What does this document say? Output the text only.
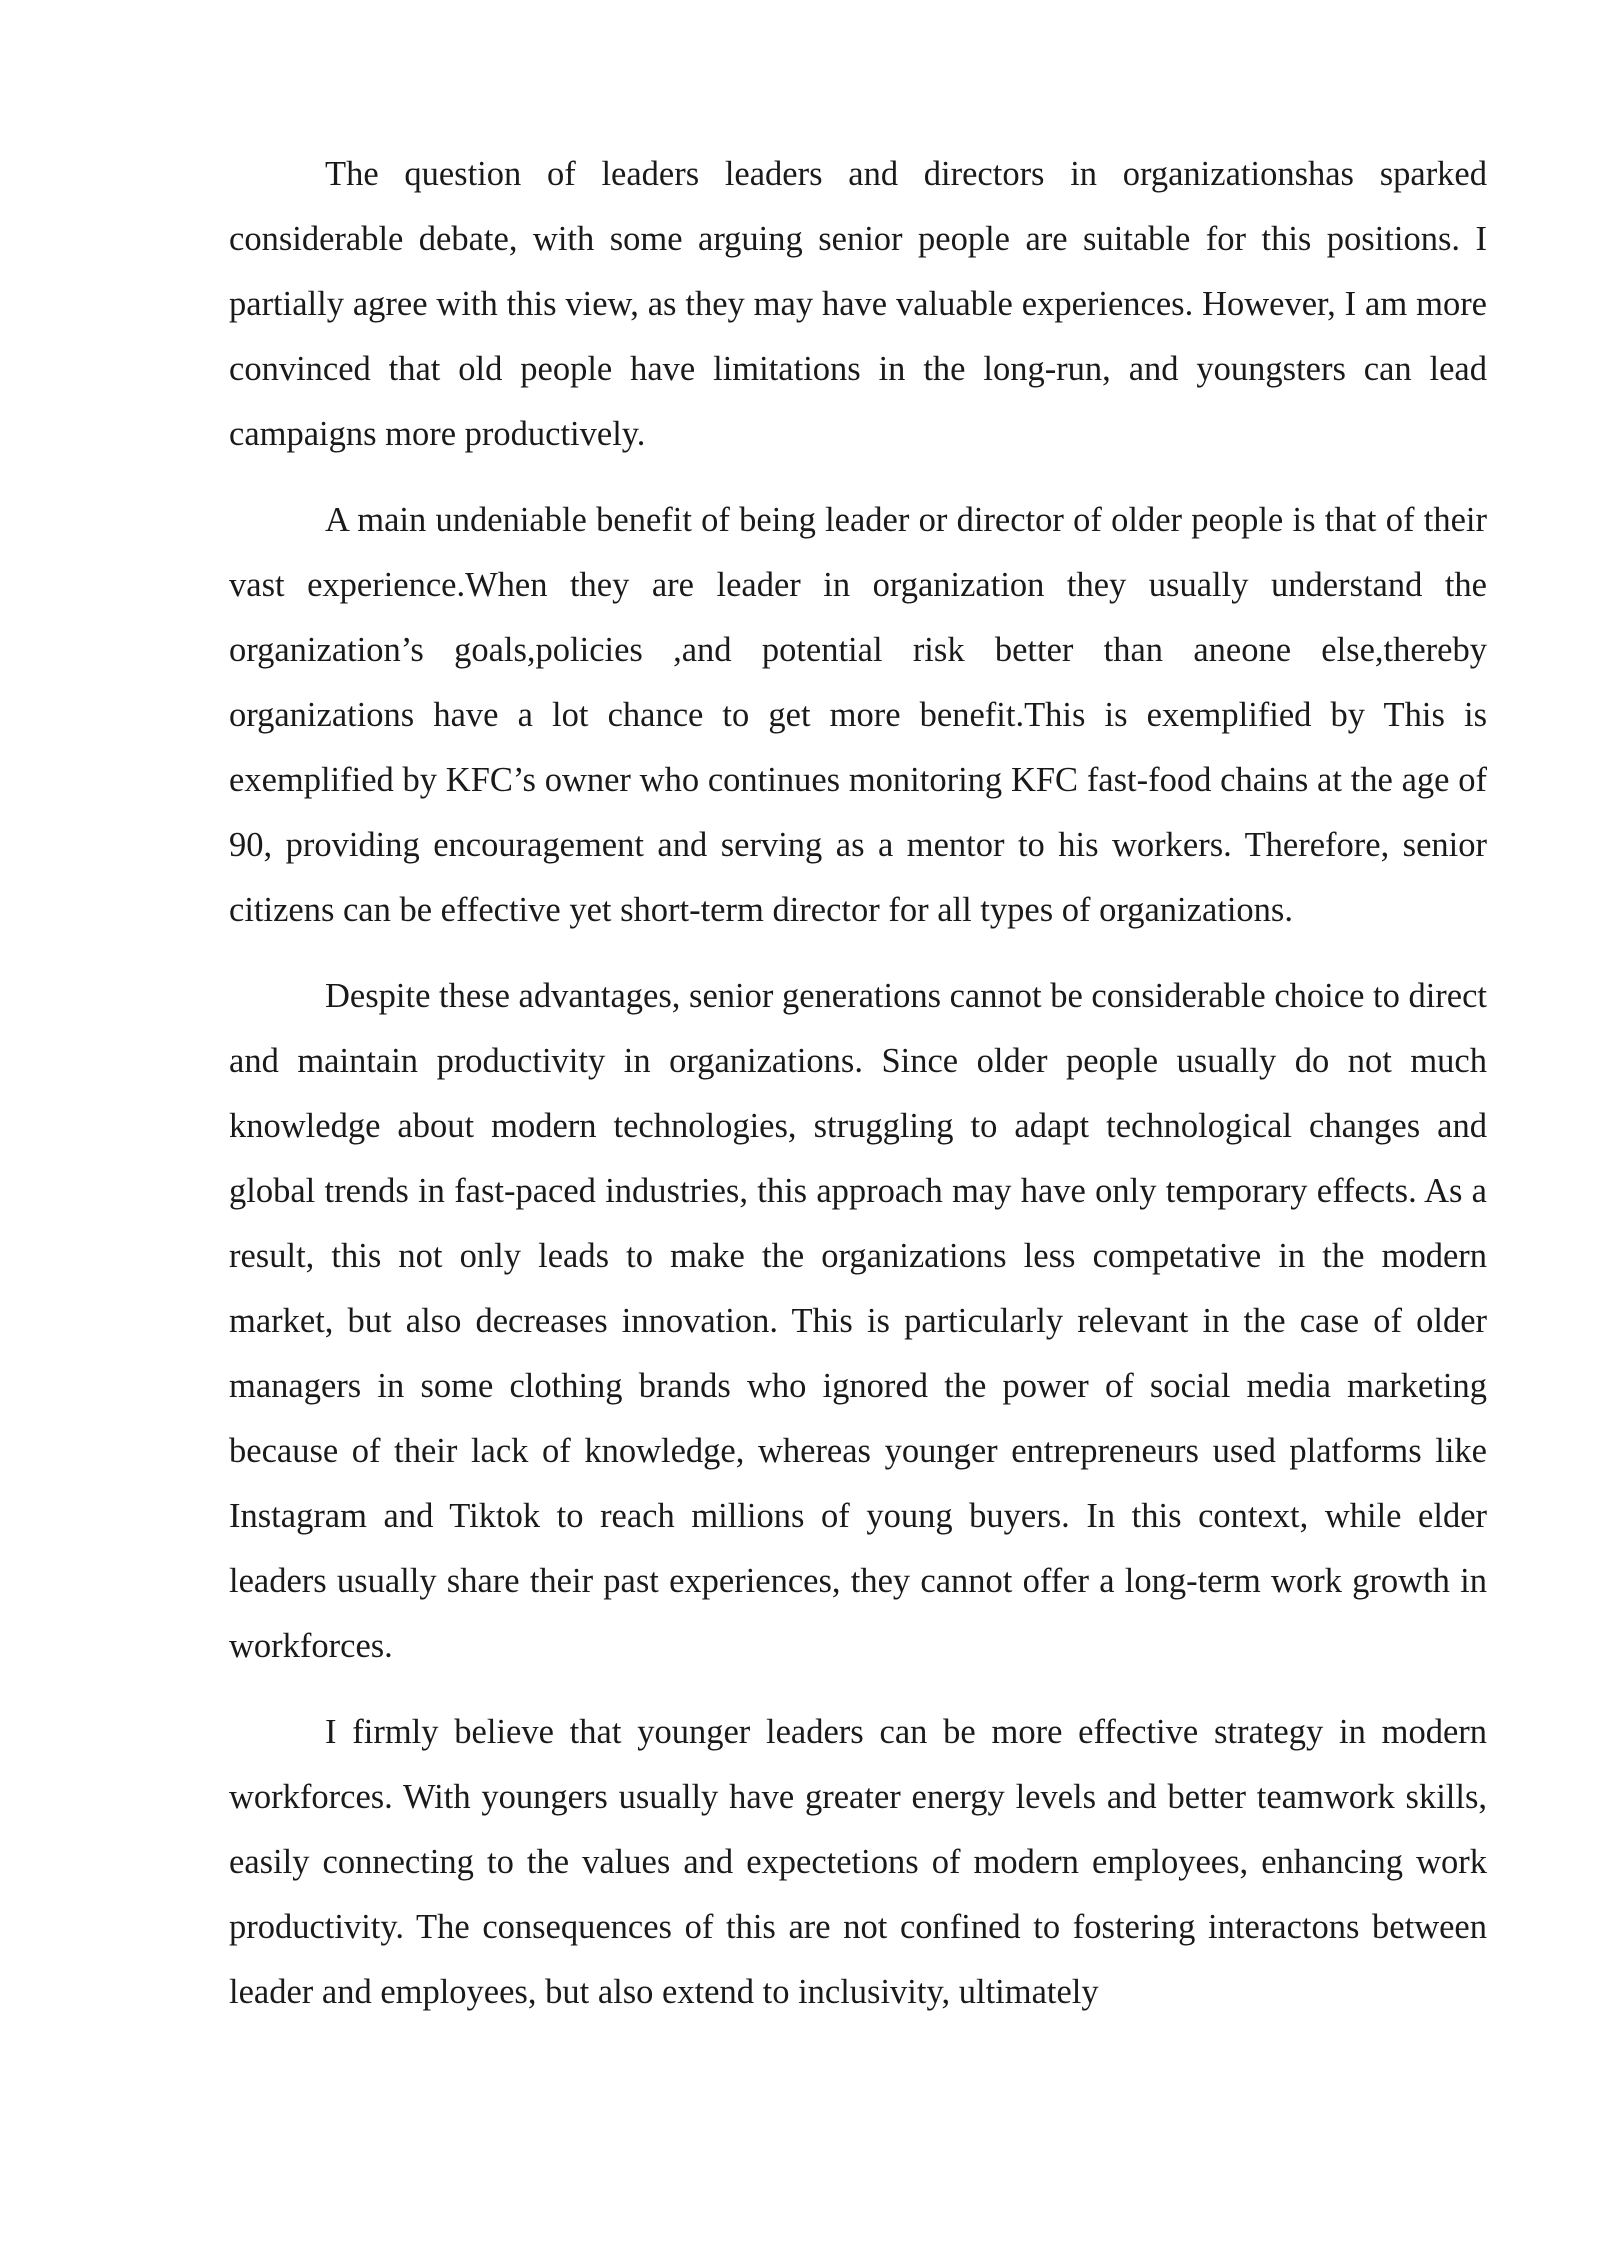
The question of leaders leaders and directors in organizationshas sparked considerable debate, with some arguing senior people are suitable for this positions. I partially agree with this view, as they may have valuable experiences. However, I am more convinced that old people have limitations in the long-run, and youngsters can lead campaigns more productively.

A main undeniable benefit of being leader or director of older people is that of their vast experience.When they are leader in organization they usually understand the organization’s goals,policies ,and potential risk better than aneone else,thereby organizations have a lot chance to get more benefit.This is exemplified by This is exemplified by KFC’s owner who continues monitoring KFC fast-food chains at the age of 90, providing encouragement and serving as a mentor to his workers. Therefore, senior citizens can be effective yet short-term director for all types of organizations.

Despite these advantages, senior generations cannot be considerable choice to direct and maintain productivity in organizations. Since older people usually do not much knowledge about modern technologies, struggling to adapt technological changes and global trends in fast-paced industries, this approach may have only temporary effects. As a result, this not only leads to make the organizations less competative in the modern market, but also decreases innovation. This is particularly relevant in the case of older managers in some clothing brands who ignored the power of social media marketing because of their lack of knowledge, whereas younger entrepreneurs used platforms like Instagram and Tiktok to reach millions of young buyers. In this context, while elder leaders usually share their past experiences, they cannot offer a long-term work growth in workforces.

I firmly believe that younger leaders can be more effective strategy in modern workforces. With youngers usually have greater energy levels and better teamwork skills, easily connecting to the values and expectetions of modern employees, enhancing work productivity. The consequences of this are not confined to fostering interactons between leader and employees, but also extend to inclusivity, ultimately
